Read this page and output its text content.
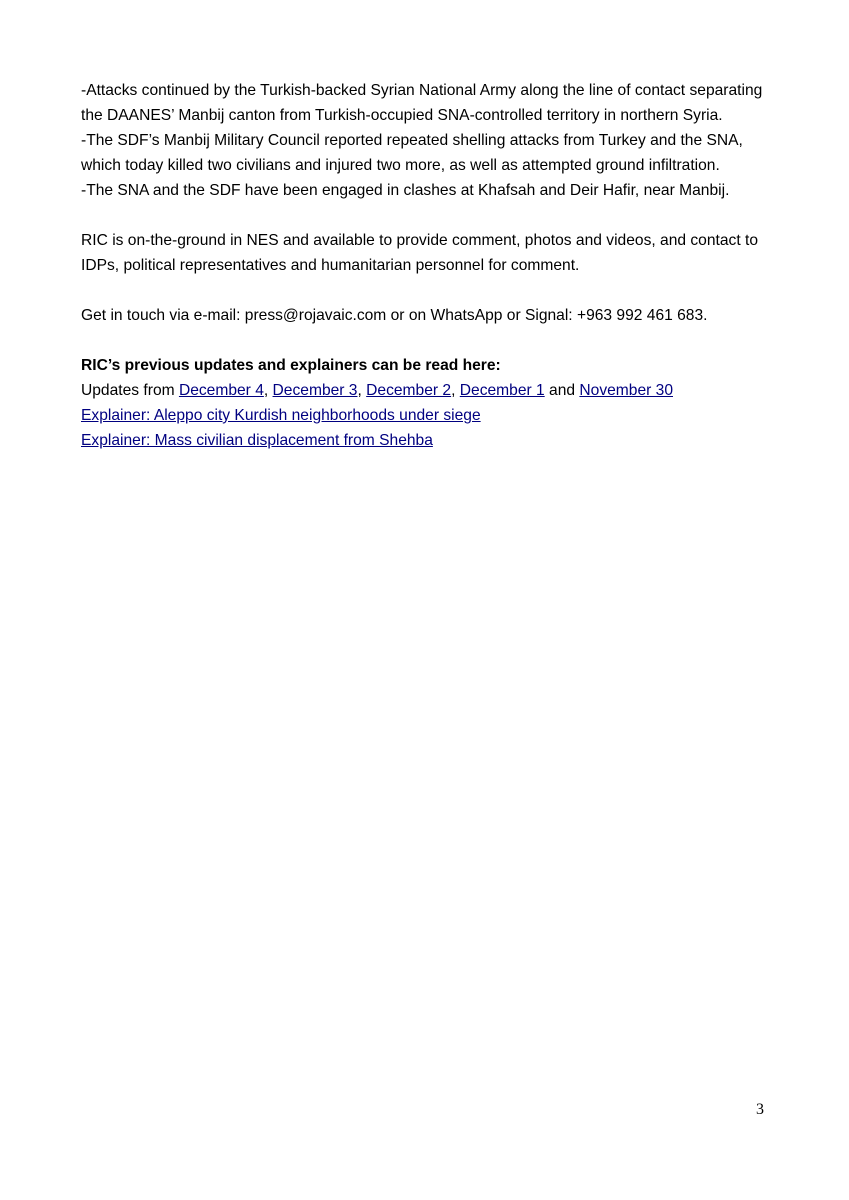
-Attacks continued by the Turkish-backed Syrian National Army along the line of contact separating the DAANES’ Manbij canton from Turkish-occupied SNA-controlled territory in northern Syria.

-The SDF’s Manbij Military Council reported repeated shelling attacks from Turkey and the SNA, which today killed two civilians and injured two more, as well as attempted ground infiltration.

-The SNA and the SDF have been engaged in clashes at Khafsah and Deir Hafir, near Manbij.

RIC is on-the-ground in NES and available to provide comment, photos and videos, and contact to IDPs, political representatives and humanitarian personnel for comment.

Get in touch via e-mail: press@rojavaic.com or on WhatsApp or Signal: +963 992 461 683.

RIC’s previous updates and explainers can be read here:

Updates from December 4, December 3, December 2, December 1 and November 30

Explainer: Aleppo city Kurdish neighborhoods under siege

Explainer: Mass civilian displacement from Shehba

3
